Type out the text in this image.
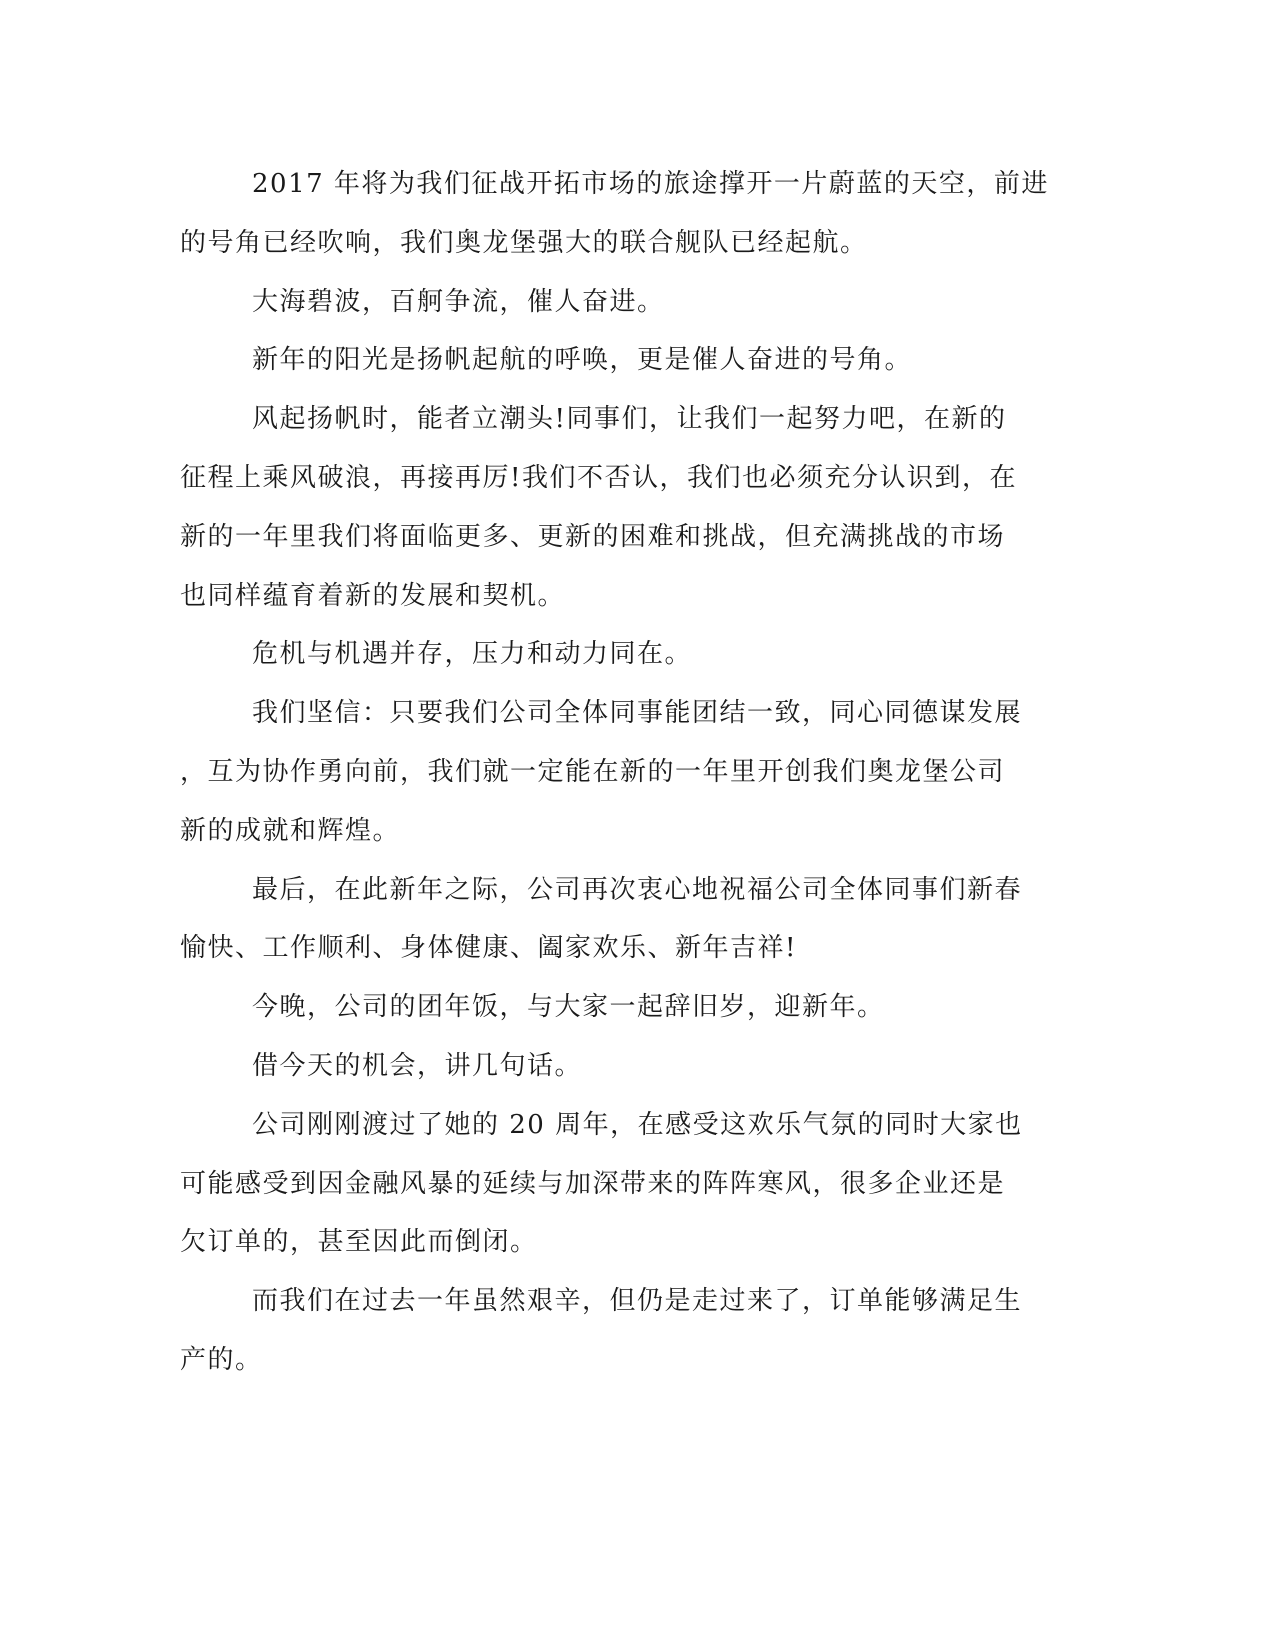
2017 年将为我们征战开拓市场的旅途撑开一片蔚蓝的天空，前进
的号角已经吹响，我们奥龙堡强大的联合舰队已经起航。
大海碧波，百舸争流，催人奋进。
新年的阳光是扬帆起航的呼唤，更是催人奋进的号角。
风起扬帆时，能者立潮头!同事们，让我们一起努力吧，在新的
征程上乘风破浪，再接再厉!我们不否认，我们也必须充分认识到，在
新的一年里我们将面临更多、更新的困难和挑战，但充满挑战的市场
也同样蕴育着新的发展和契机。
危机与机遇并存，压力和动力同在。
我们坚信：只要我们公司全体同事能团结一致，同心同德谋发展
，互为协作勇向前，我们就一定能在新的一年里开创我们奥龙堡公司
新的成就和辉煌。
最后，在此新年之际，公司再次衷心地祝福公司全体同事们新春
愉快、工作顺利、身体健康、阖家欢乐、新年吉祥!
今晚，公司的团年饭，与大家一起辞旧岁，迎新年。
借今天的机会，讲几句话。
公司刚刚渡过了她的 20 周年，在感受这欢乐气氛的同时大家也
可能感受到因金融风暴的延续与加深带来的阵阵寒风，很多企业还是
欠订单的，甚至因此而倒闭。
而我们在过去一年虽然艰辛，但仍是走过来了，订单能够满足生
产的。
